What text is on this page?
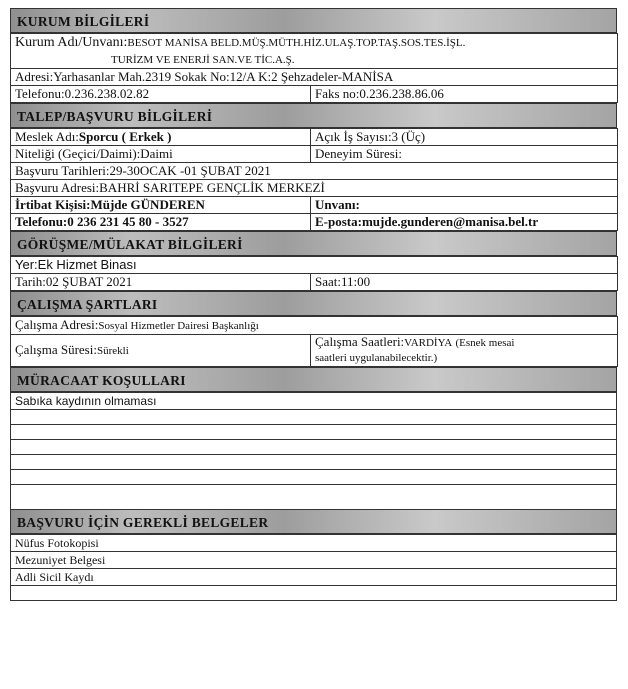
KURUM BİLGİLERİ
Kurum Adı/Unvanı:BESOT MANİSA BELD.MÜŞ.MÜTH.HİZ.ULAŞ.TOP.TAŞ.SOS.TES.İŞL.
TURİZM VE ENERJİ SAN.VE TİC.A.Ş.
Adresi:Yarhasanlar Mah.2319 Sokak No:12/A K:2 Şehzadeler-MANİSA
Telefonu:0.236.238.02.82	Faks no:0.236.238.86.06
TALEP/BAŞVURU BİLGİLERİ
Meslek Adı:Sporcu ( Erkek )	Açık İş Sayısı:3 (Üç)
Niteliği (Geçici/Daimi):Daimi	Deneyim Süresi:
Başvuru Tarihleri:29-30OCAK -01 ŞUBAT 2021	
Başvuru Adresi:BAHRİ SARITEPE GENÇLİK MERKEZİ	
İrtibat Kişisi:Müjde GÜNDEREN	Unvanı:
Telefonu:0 236 231 45 80 - 3527	E-posta:mujde.gunderen@manisa.bel.tr
GÖRÜŞME/MÜLAKAT BİLGİLERİ
Yer:Ek Hizmet Binası
Tarih:02 ŞUBAT 2021	Saat:11:00
ÇALIŞMA ŞARTLARI
Çalışma Adresi:Sosyal Hizmetler Dairesi Başkanlığı
Çalışma Süresi:Sürekli	Çalışma Saatleri:VARDİYA (Esnek mesai
saatleri uygulanabilecektir.)
MÜRACAAT KOŞULLARI
Sabıka kaydının olmaması

BAŞVURU İÇİN GEREKLİ BELGELER
Nüfus Fotokopisi
Mezuniyet Belgesi
Adli Sicil Kaydı
